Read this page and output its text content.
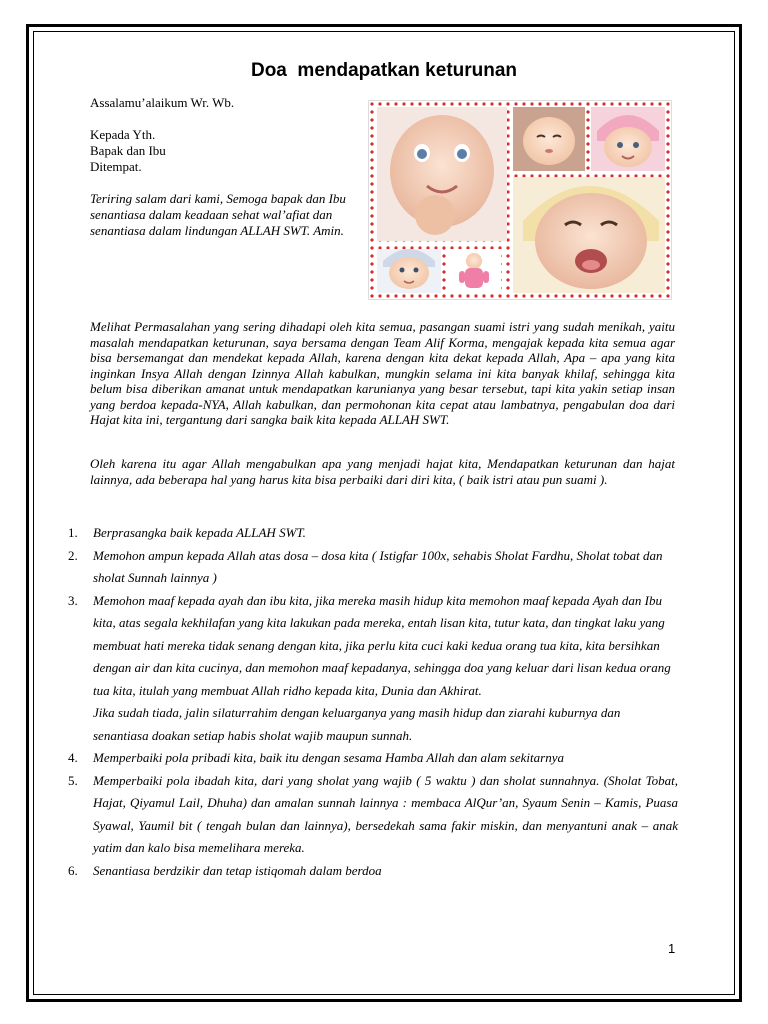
Doa  mendapatkan keturunan

Assalamu’alaikum Wr. Wb.

Kepada Yth.

Bapak dan Ibu

Ditempat.

Teriring salam dari kami, Semoga bapak dan Ibu senantiasa dalam keadaan sehat wal’afiat dan senantiasa dalam lindungan ALLAH SWT. Amin.

Melihat Permasalahan yang sering dihadapi oleh kita semua, pasangan suami istri yang sudah menikah, yaitu masalah mendapatkan keturunan, saya bersama dengan Team Alif Korma, mengajak kepada kita semua agar bisa bersemangat dan mendekat kepada Allah, karena dengan kita dekat kepada Allah, Apa – apa yang kita inginkan Insya Allah dengan Izinnya Allah kabulkan, mungkin selama ini kita banyak khilaf, sehingga kita belum bisa diberikan amanat untuk mendapatkan karunianya yang besar tersebut, tapi kita yakin setiap insan yang berdoa kepada-NYA, Allah kabulkan, dan permohonan kita cepat atau lambatnya, pengabulan doa dari Hajat kita ini, tergantung dari sangka baik kita kepada ALLAH SWT.

Oleh karena itu agar Allah mengabulkan apa yang menjadi hajat kita, Mendapatkan keturunan dan hajat lainnya, ada beberapa hal yang harus kita bisa perbaiki dari diri kita, ( baik istri atau pun suami ).

1. Berprasangka baik kepada ALLAH SWT.
2. Memohon ampun kepada Allah atas dosa – dosa kita ( Istigfar 100x, sehabis Sholat Fardhu, Sholat tobat dan sholat Sunnah lainnya )
3. Memohon maaf kepada ayah dan ibu kita, jika mereka masih hidup kita memohon maaf kepada Ayah dan Ibu kita, atas segala kekhilafan yang kita lakukan pada mereka, entah lisan kita, tutur kata, dan tingkat laku yang membuat hati mereka tidak senang dengan kita, jika perlu kita cuci kaki kedua orang tua kita, kita bersihkan dengan air dan kita cucinya, dan memohon maaf kepadanya, sehingga doa yang keluar dari lisan kedua orang tua kita, itulah yang membuat Allah ridho kepada kita, Dunia dan Akhirat.
Jika sudah tiada, jalin silaturrahim dengan keluarganya yang masih hidup dan ziarahi kuburnya dan senantiasa doakan setiap habis sholat wajib maupun sunnah.
4. Memperbaiki pola pribadi kita, baik itu dengan sesama Hamba Allah dan alam sekitarnya
5. Memperbaiki pola ibadah kita, dari yang sholat yang wajib ( 5 waktu ) dan sholat sunnahnya. (Sholat Tobat, Hajat, Qiyamul Lail, Dhuha) dan amalan sunnah lainnya : membaca AlQur’an, Syaum Senin – Kamis, Puasa Syawal, Yaumil bit ( tengah bulan dan lainnya), bersedekah sama fakir miskin, dan menyantuni anak – anak yatim dan kalo bisa memelihara mereka.
6. Senantiasa berdzikir dan tetap istiqomah dalam berdoa
1
